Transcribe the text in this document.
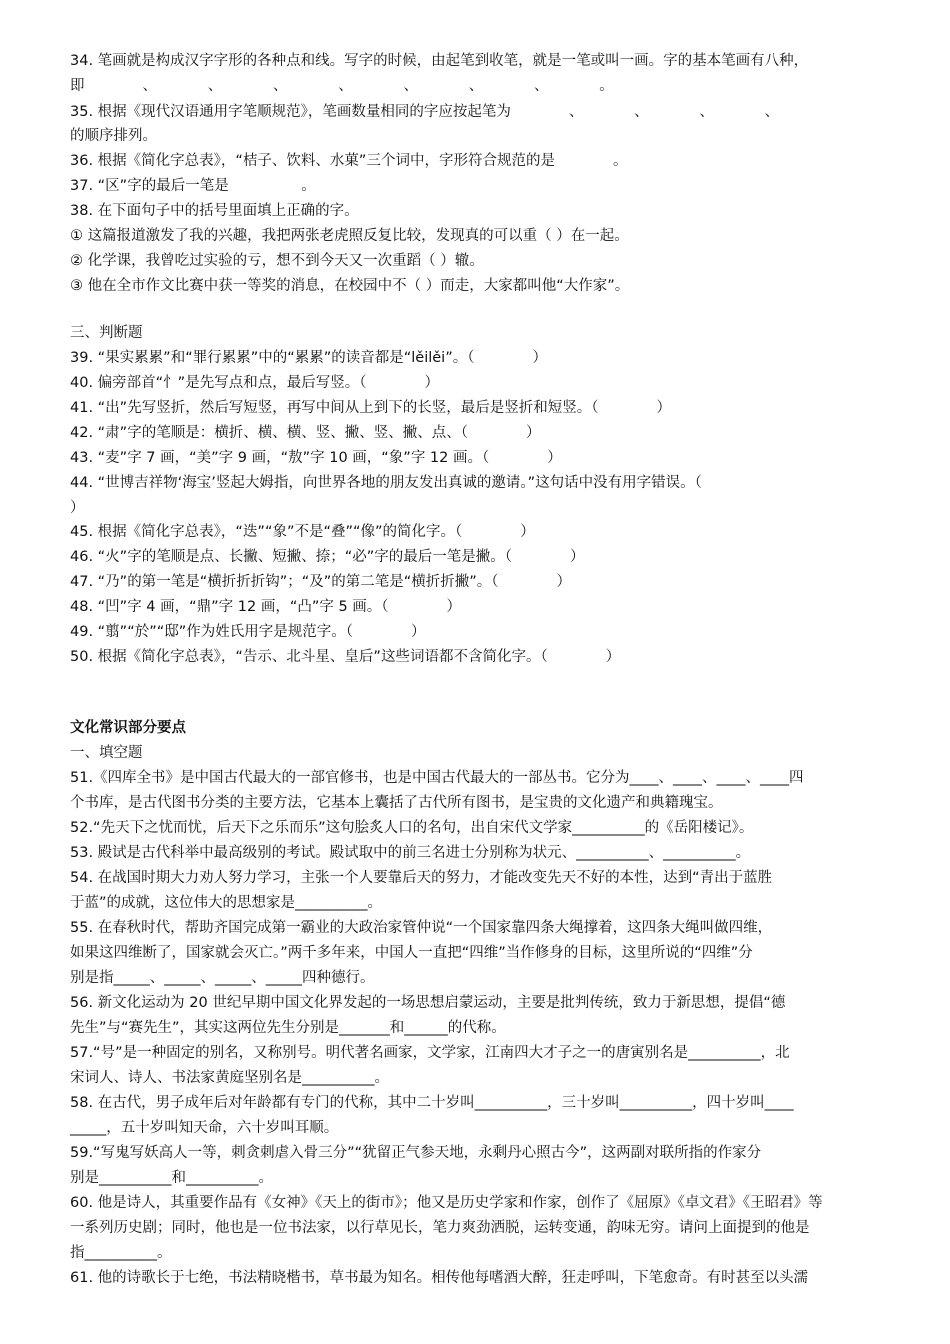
34. 笔画就是构成汉字字形的各种点和线。写字的时候，由起笔到收笔，就是一笔或叫一画。字的基本笔画有八种，
即　　　　、　　　　、　　　　、　　　　、　　　　、　　　　、　　　　、　　　　。
35. 根据《现代汉语通用字笔顺规范》，笔画数量相同的字应按起笔为　　　　、　　　　、　　　　、　　　　、
的顺序排列。
36. 根据《简化字总表》，“桔子、饮料、水菓”三个词中，字形符合规范的是　　　　。
37. “区”字的最后一笔是　　　　　。
38. 在下面句子中的括号里面填上正确的字。
① 这篇报道激发了我的兴趣，我把两张老虎照反复比较，发现真的可以重（ ）在一起。
② 化学课，我曾吃过实验的亏，想不到今天又一次重蹈（ ）辙。
③ 他在全市作文比赛中获一等奖的消息，在校园中不（ ）而走，大家都叫他“大作家”。
三、判断题
39. “果实累累”和“罪行累累”中的“累累”的读音都是“lěilěi”。（　　　　）
40. 偏旁部首“忄”是先写点和点，最后写竖。（　　　　）
41. “出”先写竖折，然后写短竖，再写中间从上到下的长竖，最后是竖折和短竖。（　　　　）
42. “肃”字的笔顺是：横折、横、横、竖、撇、竖、撇、点、（　　　　）
43. “麦”字 7 画，“美”字 9 画，“敖”字 10 画，“象”字 12 画。（　　　　）
44. “世博吉祥物‘海宝’竖起大姆指，向世界各地的朋友发出真诚的邀请。”这句话中没有用字错误。（
）
45. 根据《简化字总表》，“迭”“象”不是“叠”“像”的简化字。（　　　　）
46. “火”字的笔顺是点、长撇、短撇、捺；“必”字的最后一笔是撇。（　　　　）
47. “乃”的第一笔是“横折折折钩”；“及”的第二笔是“横折折撇”。（　　　　）
48. “凹”字 4 画，“鼎”字 12 画，“凸”字 5 画。（　　　　）
49. “翦”“於”“邸”作为姓氏用字是规范字。（　　　　）
50. 根据《简化字总表》，“告示、北斗星、皇后”这些词语都不含简化字。（　　　　）
文化常识部分要点
一、填空题
51.《四库全书》是中国古代最大的一部官修书，也是中国古代最大的一部丛书。它分为____、____、____、____四
个书库，是古代图书分类的主要方法，它基本上囊括了古代所有图书，是宝贵的文化遗产和典籍瑰宝。
52.“先天下之忧而忧，后天下之乐而乐”这句脍炙人口的名句，出自宋代文学家__________的《岳阳楼记》。
53. 殿试是古代科举中最高级别的考试。殿试取中的前三名进士分别称为状元、__________、__________。
54. 在战国时期大力劝人努力学习，主张一个人要靠后天的努力，才能改变先天不好的本性，达到“青出于蓝胜
于蓝”的成就，这位伟大的思想家是__________。
55. 在春秋时代，帮助齐国完成第一霸业的大政治家管仲说“一个国家靠四条大绳撑着，这四条大绳叫做四维，
如果这四维断了，国家就会灭亡。”两千多年来，中国人一直把“四维”当作修身的目标，这里所说的“四维”分
别是指_____、_____、_____、_____四种德行。
56. 新文化运动为 20 世纪早期中国文化界发起的一场思想启蒙运动，主要是批判传统，致力于新思想，提倡“德
先生”与“赛先生”，其实这两位先生分别是_______和______的代称。
57.“号”是一种固定的别名，又称别号。明代著名画家，文学家，江南四大才子之一的唐寅别名是__________，北
宋词人、诗人、书法家黄庭坚别名是__________。
58. 在古代，男子成年后对年龄都有专门的代称，其中二十岁叫__________，三十岁叫__________，四十岁叫____
_____，五十岁叫知天命，六十岁叫耳顺。
59.“写鬼写妖高人一等，刺贪刺虐入骨三分”“犹留正气参天地，永剩丹心照古今”，这两副对联所指的作家分
别是__________和__________。
60. 他是诗人，其重要作品有《女神》《天上的街市》；他又是历史学家和作家，创作了《屈原》《卓文君》《王昭君》等
一系列历史剧；同时，他也是一位书法家，以行草见长，笔力爽劲洒脱，运转变通，韵味无穷。请问上面提到的他是
指__________。
61. 他的诗歌长于七绝，书法精晓楷书，草书最为知名。相传他每嗜酒大醉，狂走呼叫，下笔愈奇。有时甚至以头濡
